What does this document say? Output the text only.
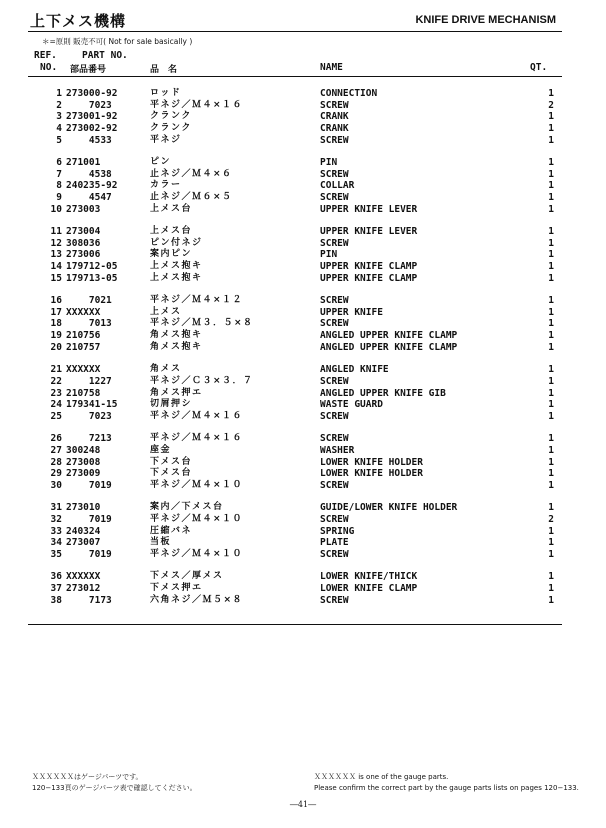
上下メス機構	KNIFE DRIVE MECHANISM
＊=原則 販売不可( Not for sale basically )
REF.
NO.
PART NO.
部品番号	品　名	NAME	QT.
1 273000-92	ロッド	CONNECTION	1
2 7023	平ネジ／Ｍ４×１６	SCREW	2
3 273001-92	クランク	CRANK	1
4 273002-92	クランク	CRANK	1
5 4533	平ネジ	SCREW	1
6 271001	ピン	PIN	1
7 4538	止ネジ／Ｍ４×６	SCREW	1
8 240235-92	カラー	COLLAR	1
9 4547	止ネジ／Ｍ６×５	SCREW	1
10 273003	上メス台	UPPER KNIFE LEVER	1
11 273004	上メス台	UPPER KNIFE LEVER	1
12 308036	ピン付ネジ	SCREW	1
13 273006	案内ピン	PIN	1
14 179712-05	上メス抱キ	UPPER KNIFE CLAMP	1
15 179713-05	上メス抱キ	UPPER KNIFE CLAMP	1
16 7021	平ネジ／Ｍ４×１２	SCREW	1
17 XXXXXX	上メス	UPPER KNIFE	1
18 7013	平ネジ／Ｍ３．５×８	SCREW	1
19 210756	角メス抱キ	ANGLED UPPER KNIFE CLAMP	1
20 210757	角メス抱キ	ANGLED UPPER KNIFE CLAMP	1
21 XXXXXX	角メス	ANGLED KNIFE	1
22 1227	平ネジ／Ｃ３×３．７	SCREW	1
23 210758	角メス押エ	ANGLED UPPER KNIFE GIB	1
24 179341-15	切屑押シ	WASTE GUARD	1
25 7023	平ネジ／Ｍ４×１６	SCREW	1
26 7213	平ネジ／Ｍ４×１６	SCREW	1
27 300248	座金	WASHER	1
28 273008	下メス台	LOWER KNIFE HOLDER	1
29 273009	下メス台	LOWER KNIFE HOLDER	1
30 7019	平ネジ／Ｍ４×１０	SCREW	1
31 273010	案内／下メス台	GUIDE/LOWER KNIFE HOLDER	1
32 7019	平ネジ／Ｍ４×１０	SCREW	2
33 240324	圧縮バネ	SPRING	1
34 273007	当板	PLATE	1
35 7019	平ネジ／Ｍ４×１０	SCREW	1
36 XXXXXX	下メス／厚メス	LOWER KNIFE/THICK	1
37 273012	下メス押エ	LOWER KNIFE CLAMP	1
38 7173	六角ネジ／Ｍ５×８	SCREW	1
ＸＸＸＸＸＸはゲージパーツです。
120−133頁のゲージパーツ表で確認してください。
ＸＸＸＸＸＸ is one of the gauge parts.
Please confirm the correct part by the gauge parts lists on pages 120−133.
―41―
